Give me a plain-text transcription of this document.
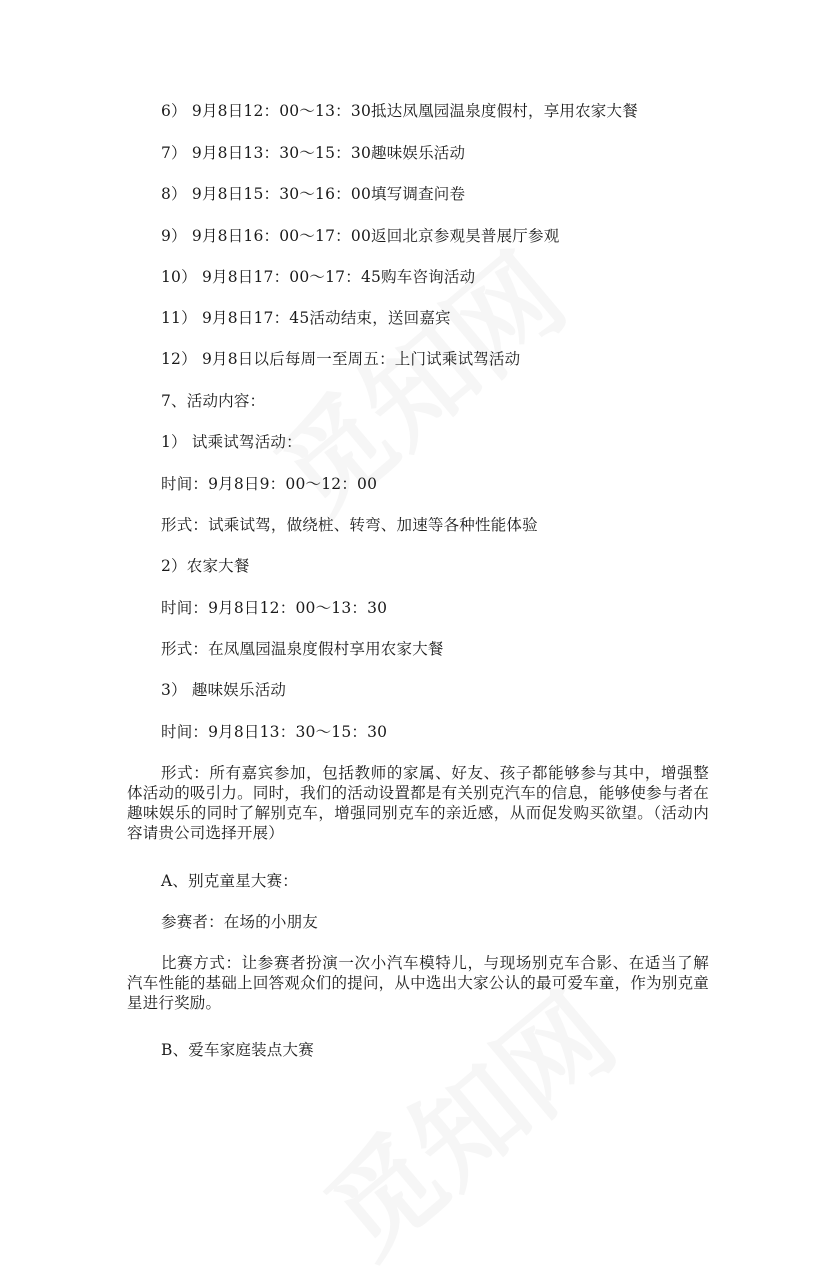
6） 9月8日12：00～13：30抵达凤凰园温泉度假村，享用农家大餐
7） 9月8日13：30～15：30趣味娱乐活动
8） 9月8日15：30～16：00填写调查问卷
9） 9月8日16：00～17：00返回北京参观昊普展厅参观
10） 9月8日17：00～17：45购车咨询活动
11） 9月8日17：45活动结束，送回嘉宾
12） 9月8日以后每周一至周五：上门试乘试驾活动
7、活动内容：
1） 试乘试驾活动：
时间：9月8日9：00～12：00
形式：试乘试驾，做绕桩、转弯、加速等各种性能体验
2）农家大餐
时间：9月8日12：00～13：30
形式：在凤凰园温泉度假村享用农家大餐
3） 趣味娱乐活动
时间：9月8日13：30～15：30
形式：所有嘉宾参加，包括教师的家属、好友、孩子都能够参与其中，增强整体活动的吸引力。同时，我们的活动设置都是有关别克汽车的信息，能够使参与者在趣味娱乐的同时了解别克车，增强同别克车的亲近感，从而促发购买欲望。（活动内容请贵公司选择开展）
A、别克童星大赛：
参赛者：在场的小朋友
比赛方式：让参赛者扮演一次小汽车模特儿，与现场别克车合影、在适当了解汽车性能的基础上回答观众们的提问，从中选出大家公认的最可爱车童，作为别克童星进行奖励。
B、爱车家庭装点大赛
